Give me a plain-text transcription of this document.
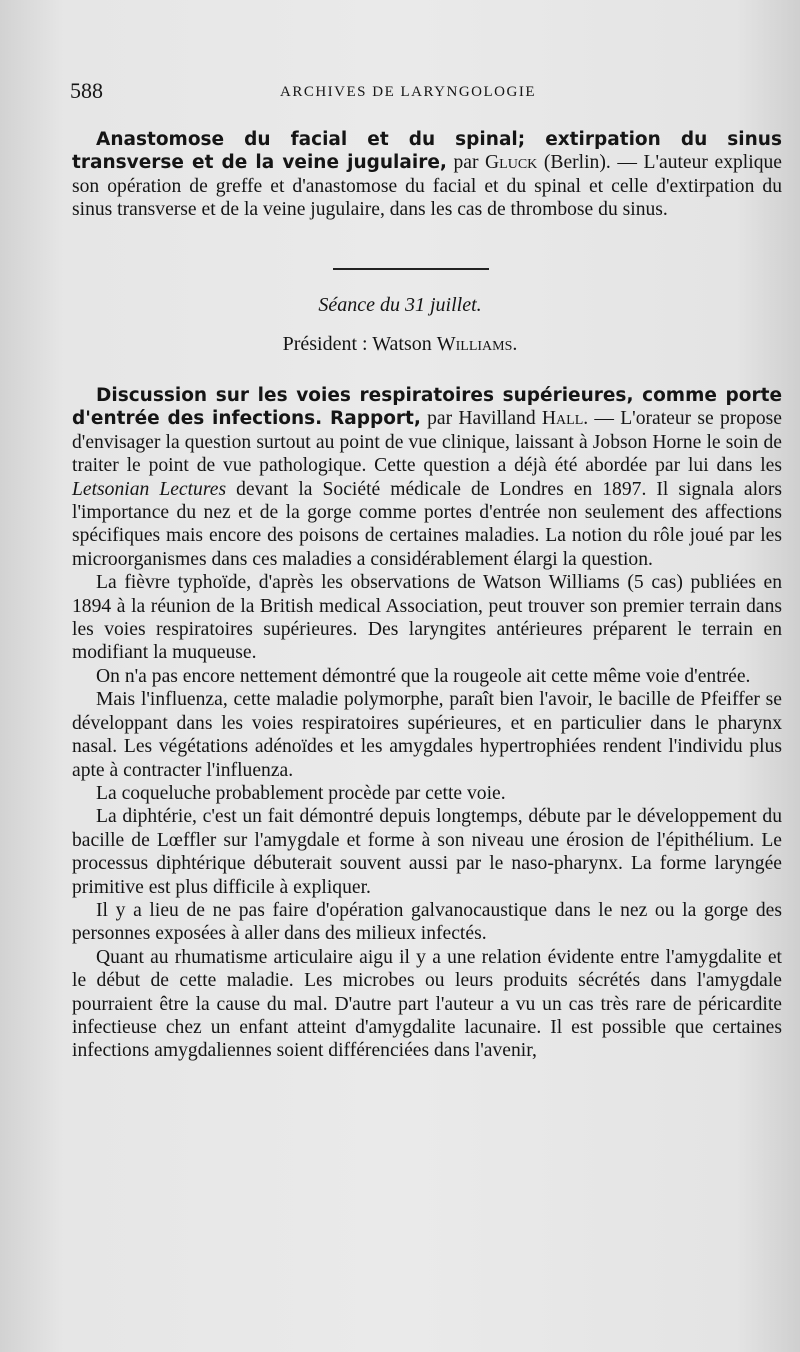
588	ARCHIVES DE LARYNGOLOGIE

Anastomose du facial et du spinal; extirpation du sinus transverse et de la veine jugulaire, par Gluck (Berlin). — L'auteur explique son opération de greffe et d'anastomose du facial et du spinal et celle d'extirpation du sinus transverse et de la veine jugulaire, dans les cas de thrombose du sinus.

Séance du 31 juillet.
Président : Watson Williams.

Discussion sur les voies respiratoires supérieures, comme porte d'entrée des infections. Rapport, par Havilland Hall. — L'orateur se propose d'envisager la question surtout au point de vue clinique, laissant à Jobson Horne le soin de traiter le point de vue pathologique. Cette question a déjà été abordée par lui dans les Letsonian Lectures devant la Société médicale de Londres en 1897. Il signala alors l'importance du nez et de la gorge comme portes d'entrée non seulement des affections spécifiques mais encore des poisons de certaines maladies. La notion du rôle joué par les microorganismes dans ces maladies a considérablement élargi la question.

La fièvre typhoïde, d'après les observations de Watson Williams (5 cas) publiées en 1894 à la réunion de la British medical Association, peut trouver son premier terrain dans les voies respiratoires supérieures. Des laryngites antérieures préparent le terrain en modifiant la muqueuse.

On n'a pas encore nettement démontré que la rougeole ait cette même voie d'entrée.

Mais l'influenza, cette maladie polymorphe, paraît bien l'avoir, le bacille de Pfeiffer se développant dans les voies respiratoires supérieures, et en particulier dans le pharynx nasal. Les végétations adénoïdes et les amygdales hypertrophiées rendent l'individu plus apte à contracter l'influenza.

La coqueluche probablement procède par cette voie.

La diphtérie, c'est un fait démontré depuis longtemps, débute par le développement du bacille de Lœffler sur l'amygdale et forme à son niveau une érosion de l'épithélium. Le processus diphtérique débuterait souvent aussi par le naso-pharynx. La forme laryngée primitive est plus difficile à expliquer.

Il y a lieu de ne pas faire d'opération galvanocaustique dans le nez ou la gorge des personnes exposées à aller dans des milieux infectés.

Quant au rhumatisme articulaire aigu il y a une relation évidente entre l'amygdalite et le début de cette maladie. Les microbes ou leurs produits sécrétés dans l'amygdale pourraient être la cause du mal. D'autre part l'auteur a vu un cas très rare de péricardite infectieuse chez un enfant atteint d'amygdalite lacunaire. Il est possible que certaines infections amygdaliennes soient différenciées dans l'avenir,
